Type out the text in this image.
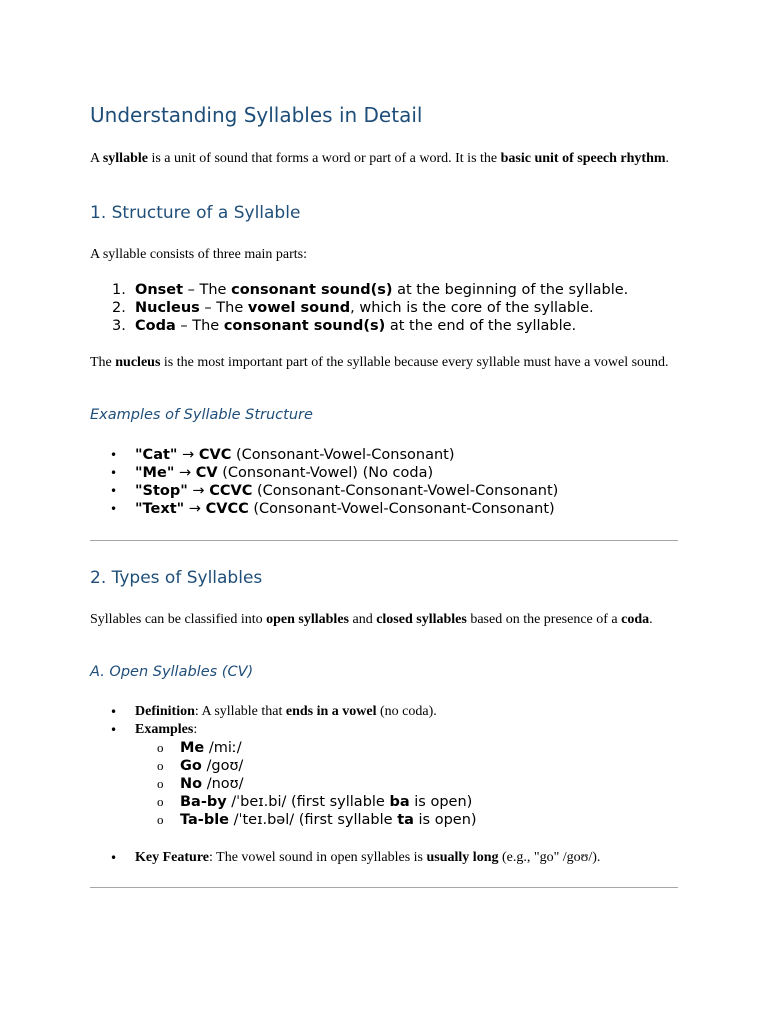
Understanding Syllables in Detail

A syllable is a unit of sound that forms a word or part of a word. It is the basic unit of speech rhythm.

1. Structure of a Syllable

A syllable consists of three main parts:

1. Onset – The consonant sound(s) at the beginning of the syllable.
2. Nucleus – The vowel sound, which is the core of the syllable.
3. Coda – The consonant sound(s) at the end of the syllable.

The nucleus is the most important part of the syllable because every syllable must have a vowel sound.

Examples of Syllable Structure
• "Cat" → CVC (Consonant-Vowel-Consonant)
• "Me" → CV (Consonant-Vowel) (No coda)
• "Stop" → CCVC (Consonant-Consonant-Vowel-Consonant)
• "Text" → CVCC (Consonant-Vowel-Consonant-Consonant)
2. Types of Syllables

Syllables can be classified into open syllables and closed syllables based on the presence of a coda.

A. Open Syllables (CV)
• Definition: A syllable that ends in a vowel (no coda).
• Examples:
o Me /miː/
o Go /goʊ/
o No /noʊ/
o Ba-by /ˈbeɪ.bi/ (first syllable ba is open)
o Ta-ble /ˈteɪ.bəl/ (first syllable ta is open)
• Key Feature: The vowel sound in open syllables is usually long (e.g., "go" /goʊ/).
